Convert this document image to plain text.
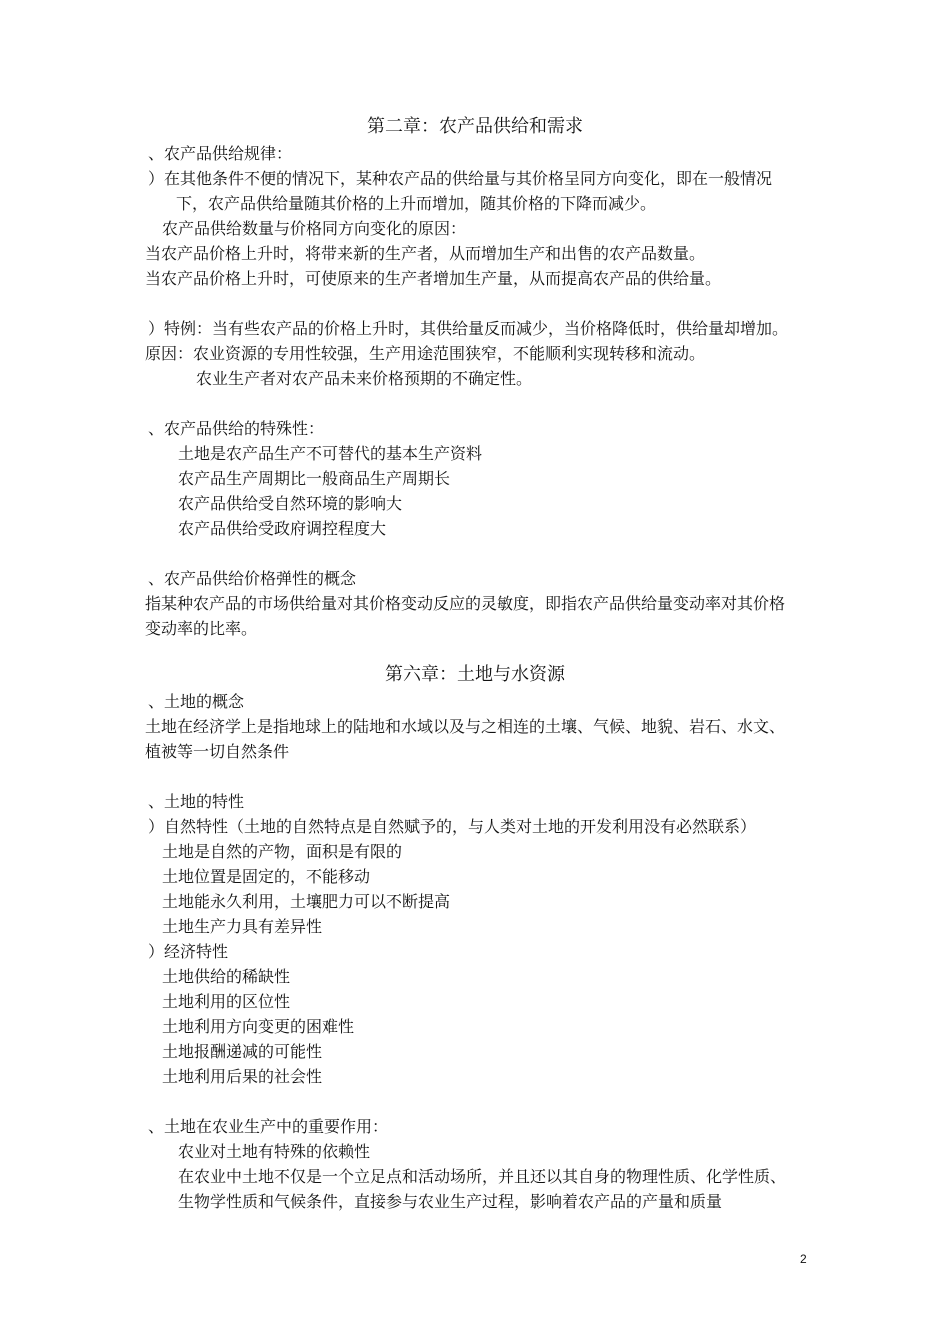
第二章：农产品供给和需求
、农产品供给规律：
）在其他条件不便的情况下，某种农产品的供给量与其价格呈同方向变化，即在一般情况
下，农产品供给量随其价格的上升而增加，随其价格的下降而减少。
农产品供给数量与价格同方向变化的原因：
当农产品价格上升时，将带来新的生产者，从而增加生产和出售的农产品数量。
当农产品价格上升时，可使原来的生产者增加生产量，从而提高农产品的供给量。
）特例：当有些农产品的价格上升时，其供给量反而减少，当价格降低时，供给量却增加。
原因：农业资源的专用性较强，生产用途范围狭窄，不能顺利实现转移和流动。
农业生产者对农产品未来价格预期的不确定性。
、农产品供给的特殊性：
土地是农产品生产不可替代的基本生产资料
农产品生产周期比一般商品生产周期长
农产品供给受自然环境的影响大
农产品供给受政府调控程度大
、农产品供给价格弹性的概念
指某种农产品的市场供给量对其价格变动反应的灵敏度，即指农产品供给量变动率对其价格
变动率的比率。
第六章：土地与水资源
、土地的概念
土地在经济学上是指地球上的陆地和水域以及与之相连的土壤、气候、地貌、岩石、水文、
植被等一切自然条件
、土地的特性
）自然特性（土地的自然特点是自然赋予的，与人类对土地的开发利用没有必然联系）
土地是自然的产物，面积是有限的
土地位置是固定的，不能移动
土地能永久利用，土壤肥力可以不断提高
土地生产力具有差异性
）经济特性
土地供给的稀缺性
土地利用的区位性
土地利用方向变更的困难性
土地报酬递减的可能性
土地利用后果的社会性
、土地在农业生产中的重要作用：
农业对土地有特殊的依赖性
在农业中土地不仅是一个立足点和活动场所，并且还以其自身的物理性质、化学性质、
生物学性质和气候条件，直接参与农业生产过程，影响着农产品的产量和质量
2
